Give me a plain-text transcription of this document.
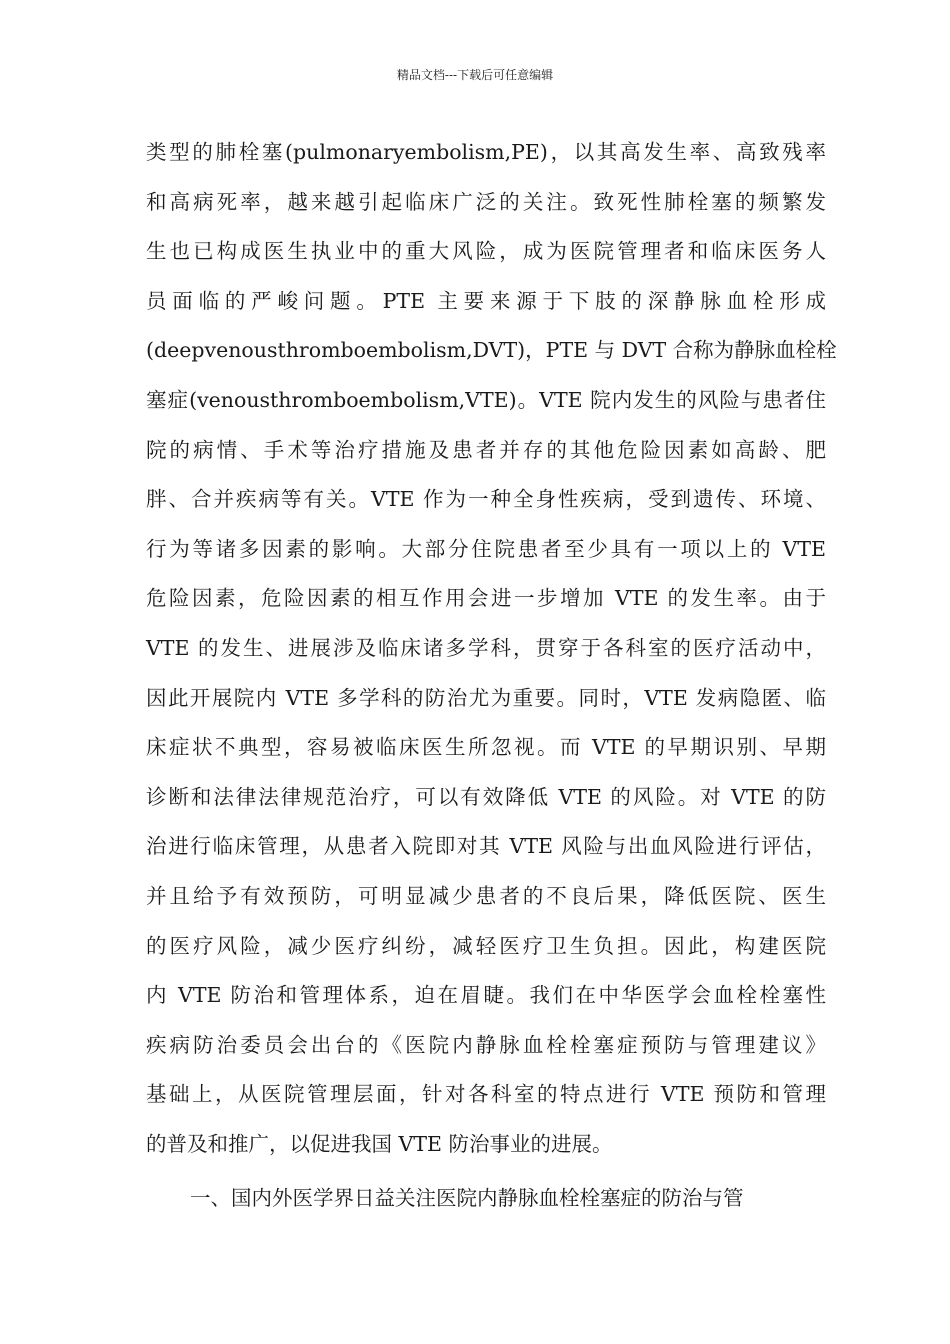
精品文档---下载后可任意编辑
类型的肺栓塞(pulmonaryembolism,PE)，以其高发生率、高致残率
和高病死率，越来越引起临床广泛的关注。致死性肺栓塞的频繁发
生也已构成医生执业中的重大风险，成为医院管理者和临床医务人
员面临的严峻问题。PTE 主要来源于下肢的深静脉血栓形成
(deepvenousthromboembolism,DVT)，PTE 与 DVT 合称为静脉血栓栓
塞症(venousthromboembolism,VTE)。VTE 院内发生的风险与患者住
院的病情、手术等治疗措施及患者并存的其他危险因素如高龄、肥
胖、合并疾病等有关。VTE 作为一种全身性疾病，受到遗传、环境、
行为等诸多因素的影响。大部分住院患者至少具有一项以上的 VTE
危险因素，危险因素的相互作用会进一步增加 VTE 的发生率。由于
VTE 的发生、进展涉及临床诸多学科，贯穿于各科室的医疗活动中，
因此开展院内 VTE 多学科的防治尤为重要。同时，VTE 发病隐匿、临
床症状不典型，容易被临床医生所忽视。而 VTE 的早期识别、早期
诊断和法律法律规范治疗，可以有效降低 VTE 的风险。对 VTE 的防
治进行临床管理，从患者入院即对其 VTE 风险与出血风险进行评估，
并且给予有效预防，可明显减少患者的不良后果，降低医院、医生
的医疗风险，减少医疗纠纷，减轻医疗卫生负担。因此，构建医院
内 VTE 防治和管理体系，迫在眉睫。我们在中华医学会血栓栓塞性
疾病防治委员会出台的《医院内静脉血栓栓塞症预防与管理建议》
基础上，从医院管理层面，针对各科室的特点进行 VTE 预防和管理
的普及和推广，以促进我国 VTE 防治事业的进展。
一、国内外医学界日益关注医院内静脉血栓栓塞症的防治与管
